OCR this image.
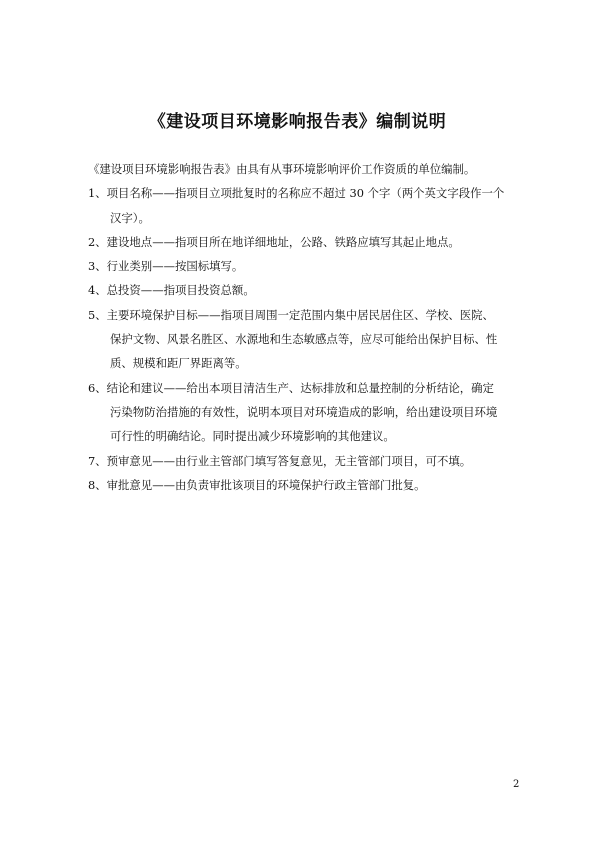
《建设项目环境影响报告表》编制说明
《建设项目环境影响报告表》由具有从事环境影响评价工作资质的单位编制。
1、项目名称——指项目立项批复时的名称应不超过 30 个字（两个英文字段作一个
汉字）。
2、建设地点——指项目所在地详细地址，公路、铁路应填写其起止地点。
3、行业类别——按国标填写。
4、总投资——指项目投资总额。
5、主要环境保护目标——指项目周围一定范围内集中居民居住区、学校、医院、
保护文物、风景名胜区、水源地和生态敏感点等，应尽可能给出保护目标、性
质、规模和距厂界距离等。
6、结论和建议——给出本项目清洁生产、达标排放和总量控制的分析结论，确定
污染物防治措施的有效性，说明本项目对环境造成的影响，给出建设项目环境
可行性的明确结论。同时提出减少环境影响的其他建议。
7、预审意见——由行业主管部门填写答复意见，无主管部门项目，可不填。
8、审批意见——由负责审批该项目的环境保护行政主管部门批复。
2
